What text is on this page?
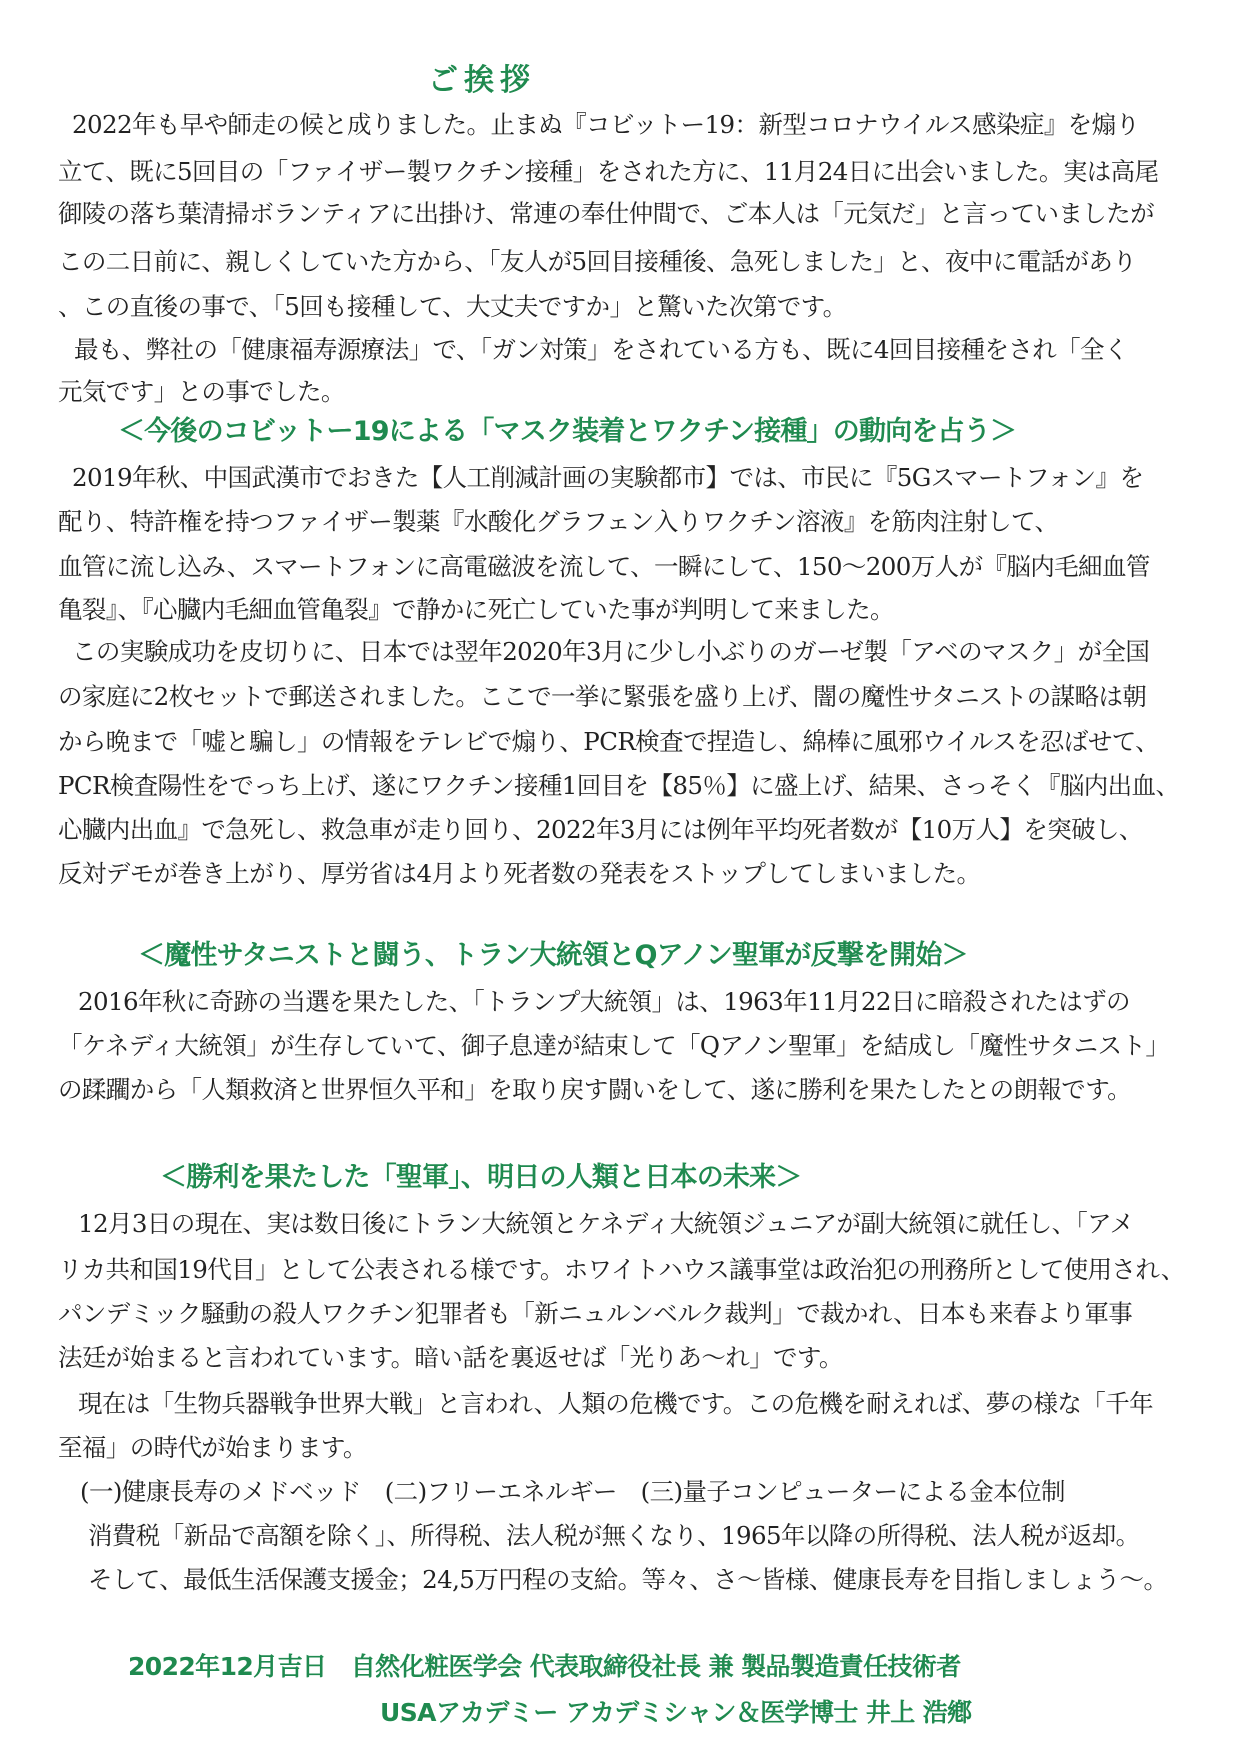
ご挨拶
2022年も早や師走の候と成りました。止まぬ『コビットー19：新型コロナウイルス感染症』を煽り
立て、既に5回目の「ファイザー製ワクチン接種」をされた方に、11月24日に出会いました。実は高尾
御陵の落ち葉清掃ボランティアに出掛け、常連の奉仕仲間で、ご本人は「元気だ」と言っていましたが
この二日前に、親しくしていた方から、「友人が5回目接種後、急死しました」と、夜中に電話があり
、この直後の事で、「5回も接種して、大丈夫ですか」と驚いた次第です。
最も、弊社の「健康福寿源療法」で、「ガン対策」をされている方も、既に4回目接種をされ「全く
元気です」との事でした。
＜今後のコビットー19による「マスク装着とワクチン接種」の動向を占う＞
2019年秋、中国武漢市でおきた【人工削減計画の実験都市】では、市民に『5Gスマートフォン』を
配り、特許権を持つファイザー製薬『水酸化グラフェン入りワクチン溶液』を筋肉注射して、
血管に流し込み、スマートフォンに高電磁波を流して、一瞬にして、150～200万人が『脳内毛細血管
亀裂』、『心臓内毛細血管亀裂』で静かに死亡していた事が判明して来ました。
この実験成功を皮切りに、日本では翌年2020年3月に少し小ぶりのガーゼ製「アベのマスク」が全国
の家庭に2枚セットで郵送されました。ここで一挙に緊張を盛り上げ、闇の魔性サタニストの謀略は朝
から晩まで「嘘と騙し」の情報をテレビで煽り、PCR検査で捏造し、綿棒に風邪ウイルスを忍ばせて、
PCR検査陽性をでっち上げ、遂にワクチン接種1回目を【85％】に盛上げ、結果、さっそく『脳内出血、
心臓内出血』で急死し、救急車が走り回り、2022年3月には例年平均死者数が【10万人】を突破し、
反対デモが巻き上がり、厚労省は4月より死者数の発表をストップしてしまいました。
＜魔性サタニストと闘う、トラン大統領とQアノン聖軍が反撃を開始＞
2016年秋に奇跡の当選を果たした、「トランプ大統領」は、1963年11月22日に暗殺されたはずの
「ケネディ大統領」が生存していて、御子息達が結束して「Qアノン聖軍」を結成し「魔性サタニスト」
の蹂躙から「人類救済と世界恒久平和」を取り戻す闘いをして、遂に勝利を果たしたとの朗報です。
＜勝利を果たした「聖軍」、明日の人類と日本の未来＞
12月3日の現在、実は数日後にトラン大統領とケネディ大統領ジュニアが副大統領に就任し、「アメ
リカ共和国19代目」として公表される様です。ホワイトハウス議事堂は政治犯の刑務所として使用され、
パンデミック騒動の殺人ワクチン犯罪者も「新ニュルンベルク裁判」で裁かれ、日本も来春より軍事
法廷が始まると言われています。暗い話を裏返せば「光りあ～れ」です。
現在は「生物兵器戦争世界大戦」と言われ、人類の危機です。この危機を耐えれば、夢の様な「千年
至福」の時代が始まります。
(一)健康長寿のメドベッド　(二)フリーエネルギー　(三)量子コンピューターによる金本位制
消費税「新品で高額を除く」、所得税、法人税が無くなり、1965年以降の所得税、法人税が返却。
そして、最低生活保護支援金；24,5万円程の支給。等々、さ～皆様、健康長寿を目指しましょう～。
2022年12月吉日　自然化粧医学会 代表取締役社長 兼 製品製造責任技術者
USAアカデミー アカデミシャン＆医学博士 井上 浩鄕
